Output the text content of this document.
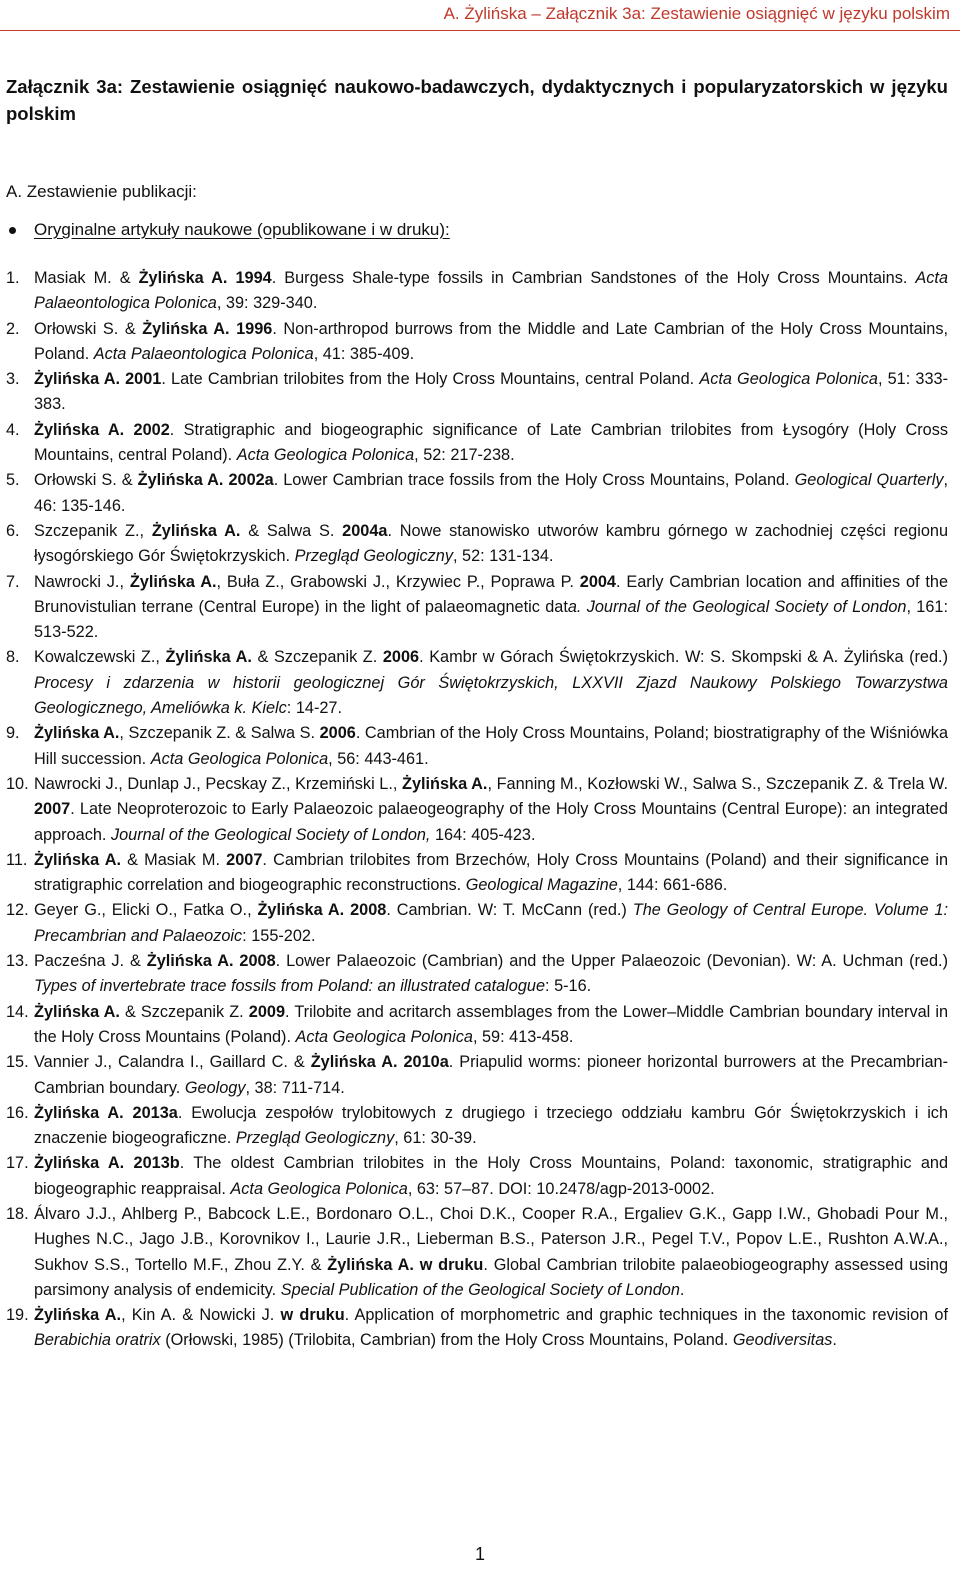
A. Żylińska – Załącznik 3a: Zestawienie osiągnięć w języku polskim
Załącznik 3a: Zestawienie osiągnięć naukowo-badawczych, dydaktycznych i popularyzatorskich w języku polskim
A. Zestawienie publikacji:
Oryginalne artykuły naukowe (opublikowane i w druku):
1. Masiak M. & Żylińska A. 1994. Burgess Shale-type fossils in Cambrian Sandstones of the Holy Cross Mountains. Acta Palaeontologica Polonica, 39: 329-340.
2. Orłowski S. & Żylińska A. 1996. Non-arthropod burrows from the Middle and Late Cambrian of the Holy Cross Mountains, Poland. Acta Palaeontologica Polonica, 41: 385-409.
3. Żylińska A. 2001. Late Cambrian trilobites from the Holy Cross Mountains, central Poland. Acta Geologica Polonica, 51: 333-383.
4. Żylińska A. 2002. Stratigraphic and biogeographic significance of Late Cambrian trilobites from Łysogóry (Holy Cross Mountains, central Poland). Acta Geologica Polonica, 52: 217-238.
5. Orłowski S. & Żylińska A. 2002a. Lower Cambrian trace fossils from the Holy Cross Mountains, Poland. Geological Quarterly, 46: 135-146.
6. Szczepanik Z., Żylińska A. & Salwa S. 2004a. Nowe stanowisko utworów kambru górnego w zachodniej części regionu łysogórskiego Gór Świętokrzyskich. Przegląd Geologiczny, 52: 131-134.
7. Nawrocki J., Żylińska A., Buła Z., Grabowski J., Krzywiec P., Poprawa P. 2004. Early Cambrian location and affinities of the Brunovistulian terrane (Central Europe) in the light of palaeomagnetic data. Journal of the Geological Society of London, 161: 513-522.
8. Kowalczewski Z., Żylińska A. & Szczepanik Z. 2006. Kambr w Górach Świętokrzyskich. W: S. Skompski & A. Żylińska (red.) Procesy i zdarzenia w historii geologicznej Gór Świętokrzyskich, LXXVII Zjazd Naukowy Polskiego Towarzystwa Geologicznego, Ameliówka k. Kielc: 14-27.
9. Żylińska A., Szczepanik Z. & Salwa S. 2006. Cambrian of the Holy Cross Mountains, Poland; biostratigraphy of the Wiśniówka Hill succession. Acta Geologica Polonica, 56: 443-461.
10. Nawrocki J., Dunlap J., Pecskay Z., Krzemiński L., Żylińska A., Fanning M., Kozłowski W., Salwa S., Szczepanik Z. & Trela W. 2007. Late Neoproterozoic to Early Palaeozoic palaeogeography of the Holy Cross Mountains (Central Europe): an integrated approach. Journal of the Geological Society of London, 164: 405-423.
11. Żylińska A. & Masiak M. 2007. Cambrian trilobites from Brzechów, Holy Cross Mountains (Poland) and their significance in stratigraphic correlation and biogeographic reconstructions. Geological Magazine, 144: 661-686.
12. Geyer G., Elicki O., Fatka O., Żylińska A. 2008. Cambrian. W: T. McCann (red.) The Geology of Central Europe. Volume 1: Precambrian and Palaeozoic: 155-202.
13. Pacześna J. & Żylińska A. 2008. Lower Palaeozoic (Cambrian) and the Upper Palaeozoic (Devonian). W: A. Uchman (red.) Types of invertebrate trace fossils from Poland: an illustrated catalogue: 5-16.
14. Żylińska A. & Szczepanik Z. 2009. Trilobite and acritarch assemblages from the Lower–Middle Cambrian boundary interval in the Holy Cross Mountains (Poland). Acta Geologica Polonica, 59: 413-458.
15. Vannier J., Calandra I., Gaillard C. & Żylińska A. 2010a. Priapulid worms: pioneer horizontal burrowers at the Precambrian-Cambrian boundary. Geology, 38: 711-714.
16. Żylińska A. 2013a. Ewolucja zespołów trylobitowych z drugiego i trzeciego oddziału kambru Gór Świętokrzyskich i ich znaczenie biogeograficzne. Przegląd Geologiczny, 61: 30-39.
17. Żylińska A. 2013b. The oldest Cambrian trilobites in the Holy Cross Mountains, Poland: taxonomic, stratigraphic and biogeographic reappraisal. Acta Geologica Polonica, 63: 57–87. DOI: 10.2478/agp-2013-0002.
18. Álvaro J.J., Ahlberg P., Babcock L.E., Bordonaro O.L., Choi D.K., Cooper R.A., Ergaliev G.K., Gapp I.W., Ghobadi Pour M., Hughes N.C., Jago J.B., Korovnikov I., Laurie J.R., Lieberman B.S., Paterson J.R., Pegel T.V., Popov L.E., Rushton A.W.A., Sukhov S.S., Tortello M.F., Zhou Z.Y. & Żylińska A. w druku. Global Cambrian trilobite palaeobiogeography assessed using parsimony analysis of endemicity. Special Publication of the Geological Society of London.
19. Żylińska A., Kin A. & Nowicki J. w druku. Application of morphometric and graphic techniques in the taxonomic revision of Berabichia oratrix (Orłowski, 1985) (Trilobita, Cambrian) from the Holy Cross Mountains, Poland. Geodiversitas.
1
